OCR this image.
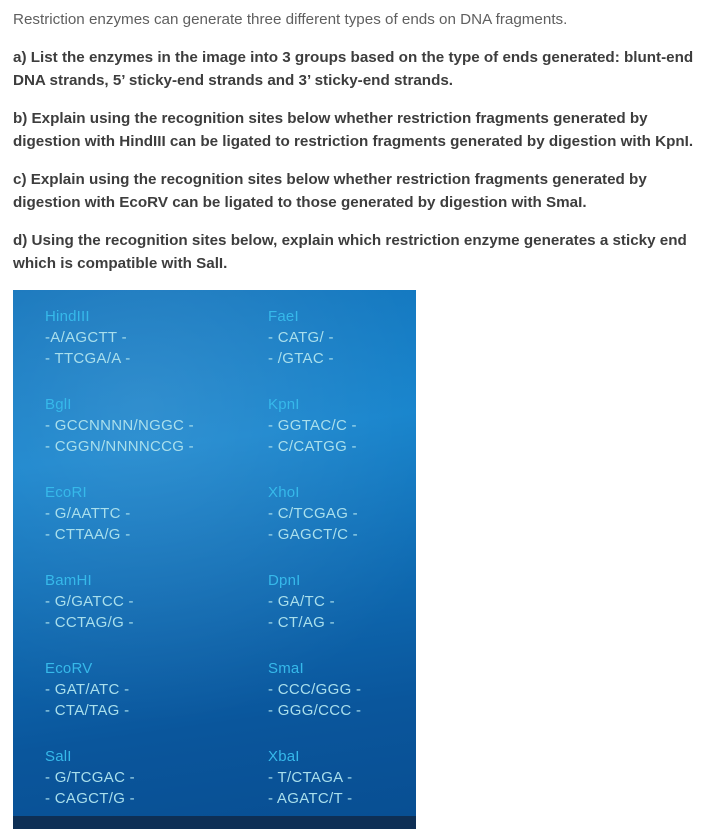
Restriction enzymes can generate three different types of ends on DNA fragments.

a) List the enzymes in the image into 3 groups based on the type of ends generated: blunt-end DNA strands, 5’ sticky-end strands and 3’ sticky-end strands.

b) Explain using the recognition sites below whether restriction fragments generated by digestion with HindIII can be ligated to restriction fragments generated by digestion with KpnI.

c) Explain using the recognition sites below whether restriction fragments generated by digestion with EcoRV can be ligated to those generated by digestion with SmaI.

d) Using the recognition sites below, explain which restriction enzyme generates a sticky end which is compatible with SalI.

HindIII
-A/AGCTT -
- TTCGA/A -
BglI
- GCCNNNN/NGGC -
- CGGN/NNNNCCG -
EcoRI
- G/AATTC -
- CTTAA/G -
BamHI
- G/GATCC -
- CCTAG/G -
EcoRV
- GAT/ATC -
- CTA/TAG -
SalI
- G/TCGAC -
- CAGCT/G -
FaeI
- CATG/ -
- /GTAC -
KpnI
- GGTAC/C -
- C/CATGG -
XhoI
- C/TCGAG -
- GAGCT/C -
DpnI
- GA/TC -
- CT/AG -
SmaI
- CCC/GGG -
- GGG/CCC -
XbaI
- T/CTAGA -
- AGATC/T -
